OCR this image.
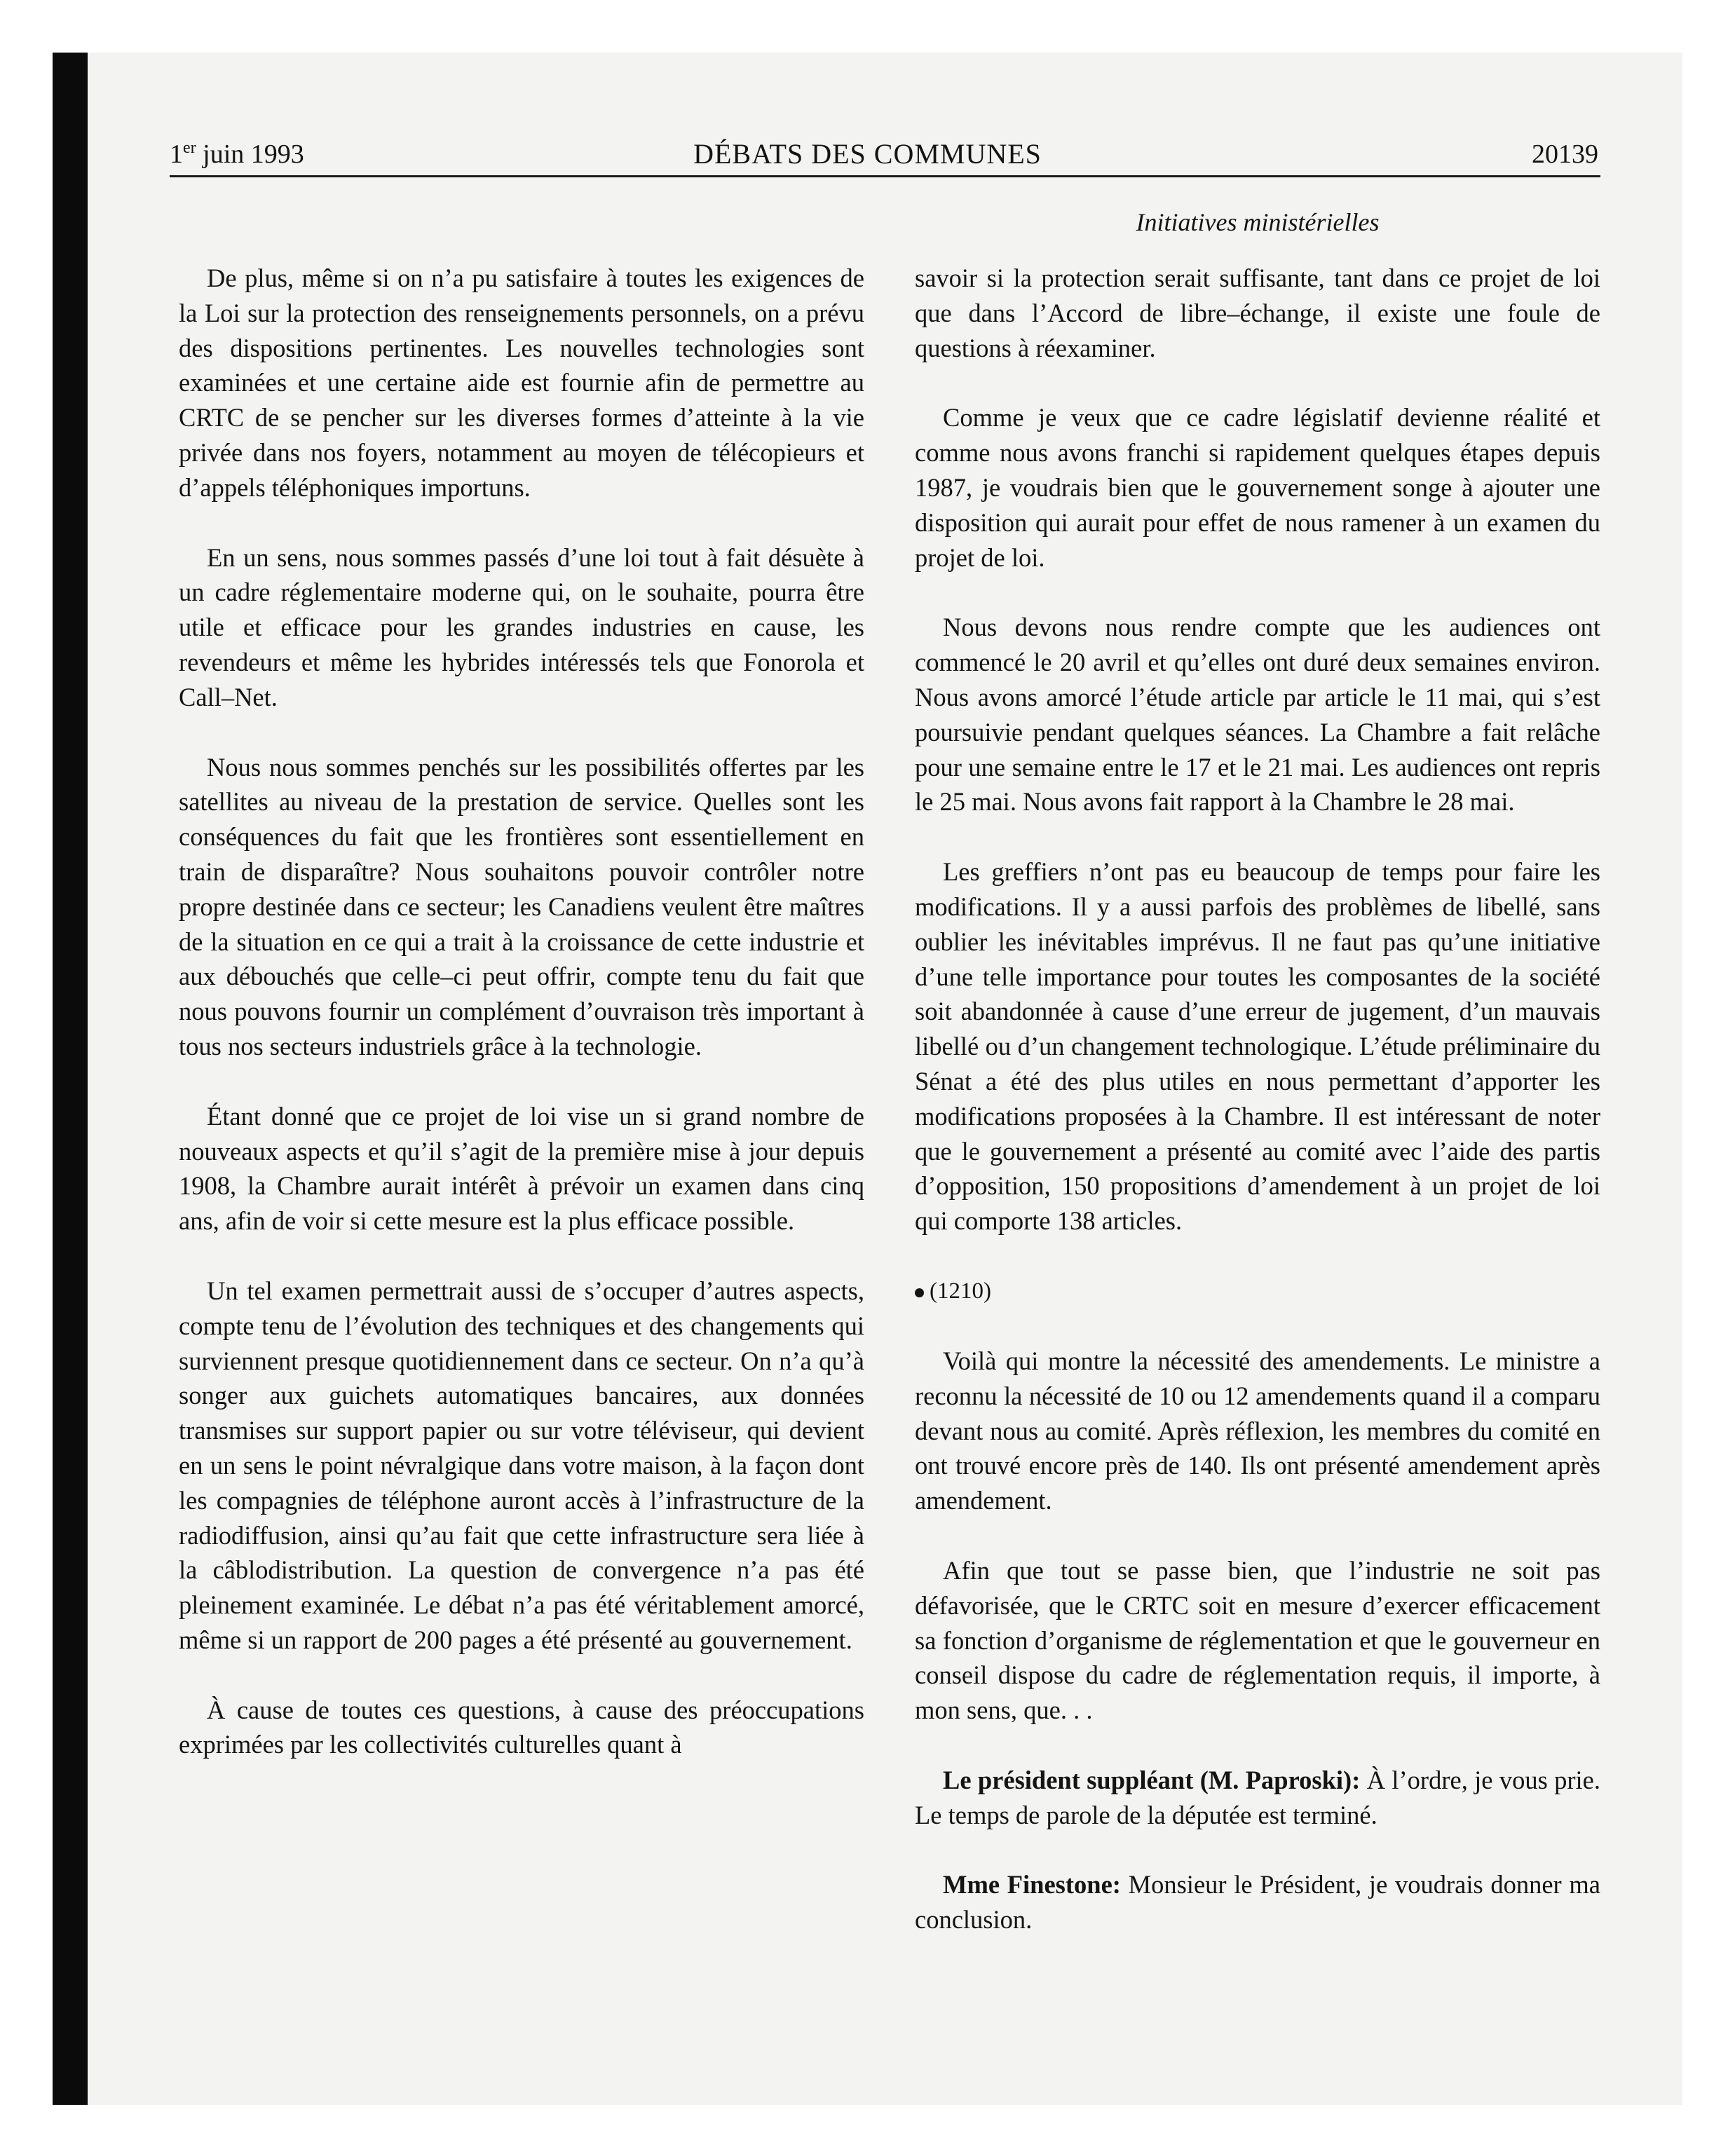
1er juin 1993	DÉBATS DES COMMUNES	20139
Initiatives ministérielles

De plus, même si on n’a pu satisfaire à toutes les exigences de la Loi sur la protection des renseignements personnels, on a prévu des dispositions pertinentes. Les nouvelles technologies sont examinées et une certaine aide est fournie afin de permettre au CRTC de se pencher sur les diverses formes d’atteinte à la vie privée dans nos foyers, notamment au moyen de télécopieurs et d’appels téléphoniques importuns.

En un sens, nous sommes passés d’une loi tout à fait désuète à un cadre réglementaire moderne qui, on le souhaite, pourra être utile et efficace pour les grandes industries en cause, les revendeurs et même les hybrides intéressés tels que Fonorola et Call–Net.

Nous nous sommes penchés sur les possibilités offertes par les satellites au niveau de la prestation de service. Quelles sont les conséquences du fait que les frontières sont essentiellement en train de disparaître? Nous souhaitons pouvoir contrôler notre propre destinée dans ce secteur; les Canadiens veulent être maîtres de la situation en ce qui a trait à la croissance de cette industrie et aux débouchés que celle–ci peut offrir, compte tenu du fait que nous pouvons fournir un complément d’ouvraison très important à tous nos secteurs industriels grâce à la technologie.

Étant donné que ce projet de loi vise un si grand nombre de nouveaux aspects et qu’il s’agit de la première mise à jour depuis 1908, la Chambre aurait intérêt à prévoir un examen dans cinq ans, afin de voir si cette mesure est la plus efficace possible.

Un tel examen permettrait aussi de s’occuper d’autres aspects, compte tenu de l’évolution des techniques et des changements qui surviennent presque quotidiennement dans ce secteur. On n’a qu’à songer aux guichets automatiques bancaires, aux données transmises sur support papier ou sur votre téléviseur, qui devient en un sens le point névralgique dans votre maison, à la façon dont les compagnies de téléphone auront accès à l’infrastructure de la radiodiffusion, ainsi qu’au fait que cette infrastructure sera liée à la câblodistribution. La question de convergence n’a pas été pleinement examinée. Le débat n’a pas été véritablement amorcé, même si un rapport de 200 pages a été présenté au gouvernement.

À cause de toutes ces questions, à cause des préoccupations exprimées par les collectivités culturelles quant à

savoir si la protection serait suffisante, tant dans ce projet de loi que dans l’Accord de libre–échange, il existe une foule de questions à réexaminer.

Comme je veux que ce cadre législatif devienne réalité et comme nous avons franchi si rapidement quelques étapes depuis 1987, je voudrais bien que le gouvernement songe à ajouter une disposition qui aurait pour effet de nous ramener à un examen du projet de loi.

Nous devons nous rendre compte que les audiences ont commencé le 20 avril et qu’elles ont duré deux semaines environ. Nous avons amorcé l’étude article par article le 11 mai, qui s’est poursuivie pendant quelques séances. La Chambre a fait relâche pour une semaine entre le 17 et le 21 mai. Les audiences ont repris le 25 mai. Nous avons fait rapport à la Chambre le 28 mai.

Les greffiers n’ont pas eu beaucoup de temps pour faire les modifications. Il y a aussi parfois des problèmes de libellé, sans oublier les inévitables imprévus. Il ne faut pas qu’une initiative d’une telle importance pour toutes les composantes de la société soit abandonnée à cause d’une erreur de jugement, d’un mauvais libellé ou d’un changement technologique. L’étude préliminaire du Sénat a été des plus utiles en nous permettant d’apporter les modifications proposées à la Chambre. Il est intéressant de noter que le gouvernement a présenté au comité avec l’aide des partis d’opposition, 150 propositions d’amendement à un projet de loi qui comporte 138 articles.

(1210)

Voilà qui montre la nécessité des amendements. Le ministre a reconnu la nécessité de 10 ou 12 amendements quand il a comparu devant nous au comité. Après réflexion, les membres du comité en ont trouvé encore près de 140. Ils ont présenté amendement après amendement.

Afin que tout se passe bien, que l’industrie ne soit pas défavorisée, que le CRTC soit en mesure d’exercer efficacement sa fonction d’organisme de réglementation et que le gouverneur en conseil dispose du cadre de réglementation requis, il importe, à mon sens, que. . .

Le président suppléant (M. Paproski): À l’ordre, je vous prie. Le temps de parole de la députée est terminé.

Mme Finestone: Monsieur le Président, je voudrais donner ma conclusion.
